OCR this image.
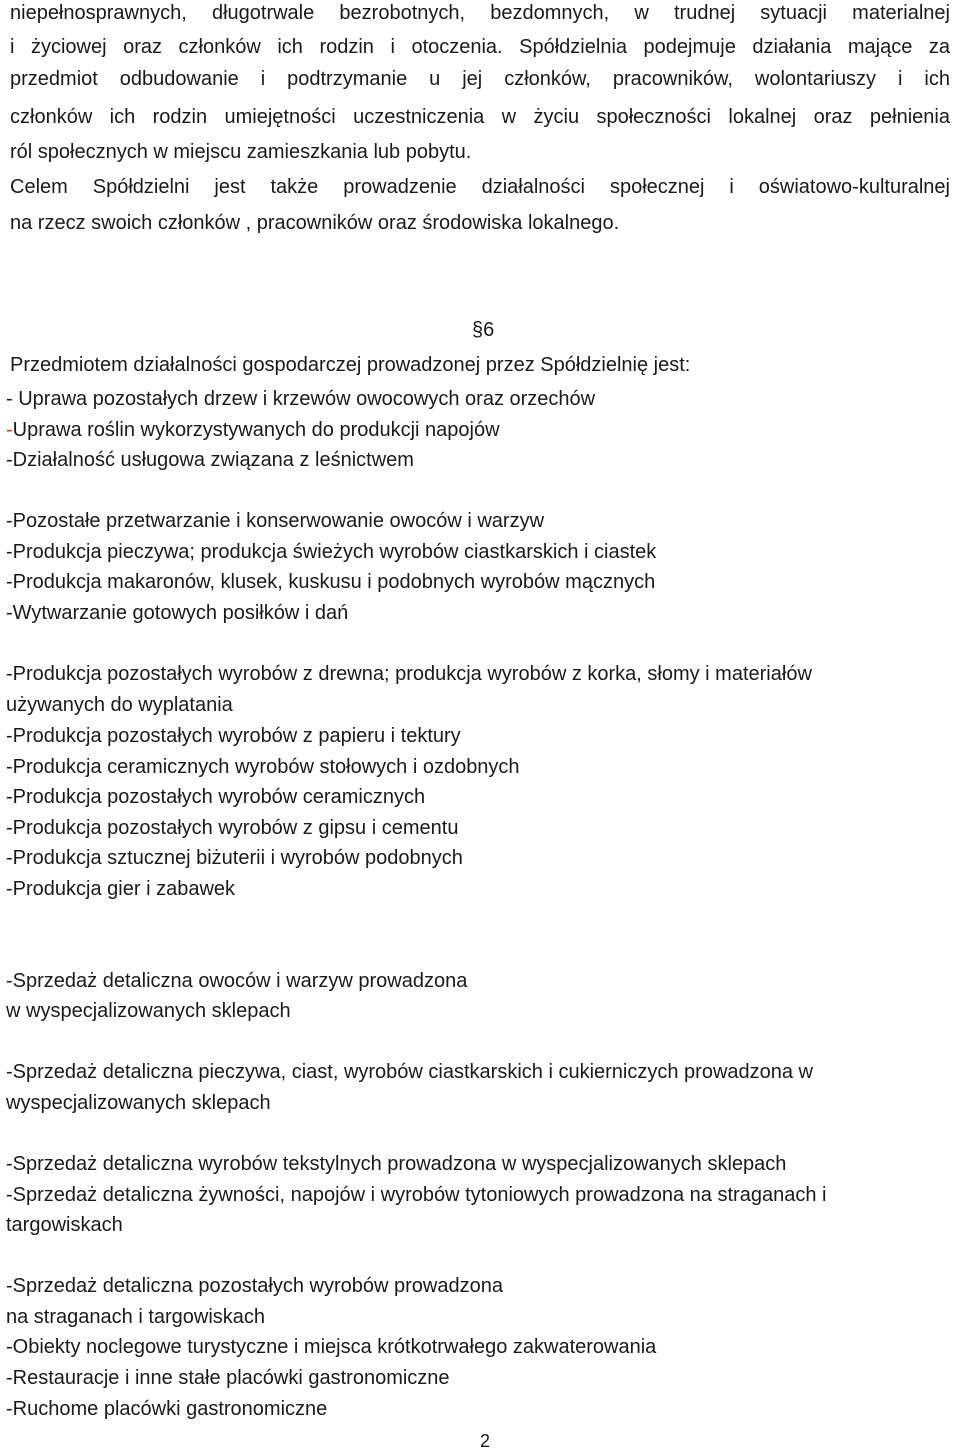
niepełnosprawnych, długotrwale bezrobotnych, bezdomnych, w trudnej sytuacji materialnej
i życiowej oraz członków ich rodzin i otoczenia. Spółdzielnia podejmuje działania mające za
przedmiot odbudowanie i podtrzymanie u jej członków, pracowników, wolontariuszy i ich
członków ich rodzin umiejętności uczestniczenia w życiu społeczności lokalnej oraz pełnienia
ról społecznych w miejscu zamieszkania lub pobytu.
Celem Spółdzielni jest także prowadzenie działalności społecznej i oświatowo-kulturalnej
na rzecz swoich członków , pracowników oraz środowiska lokalnego.
§6
Przedmiotem działalności gospodarczej prowadzonej przez Spółdzielnię jest:
- Uprawa pozostałych drzew i krzewów owocowych oraz orzechów
-Uprawa roślin wykorzystywanych do produkcji napojów
-Działalność usługowa związana z leśnictwem
-Pozostałe przetwarzanie i konserwowanie owoców i warzyw
-Produkcja pieczywa; produkcja świeżych wyrobów ciastkarskich i ciastek
-Produkcja makaronów, klusek, kuskusu i podobnych wyrobów mącznych
-Wytwarzanie gotowych posiłków i dań
-Produkcja pozostałych wyrobów z drewna; produkcja wyrobów z korka, słomy i materiałów
używanych do wyplatania
-Produkcja pozostałych wyrobów z papieru i tektury
-Produkcja ceramicznych wyrobów stołowych i ozdobnych
-Produkcja pozostałych wyrobów ceramicznych
-Produkcja pozostałych wyrobów z gipsu i cementu
-Produkcja sztucznej biżuterii i wyrobów podobnych
-Produkcja gier i zabawek
-Sprzedaż detaliczna owoców i warzyw prowadzona
w wyspecjalizowanych sklepach
-Sprzedaż detaliczna pieczywa, ciast, wyrobów ciastkarskich i cukierniczych prowadzona w
wyspecjalizowanych sklepach
-Sprzedaż detaliczna wyrobów tekstylnych prowadzona w wyspecjalizowanych sklepach
-Sprzedaż detaliczna żywności, napojów i wyrobów tytoniowych prowadzona na straganach i
targowiskach
-Sprzedaż detaliczna pozostałych wyrobów prowadzona
na straganach i targowiskach
-Obiekty noclegowe turystyczne i miejsca krótkotrwałego zakwaterowania
-Restauracje i inne stałe placówki gastronomiczne
-Ruchome placówki gastronomiczne
2
